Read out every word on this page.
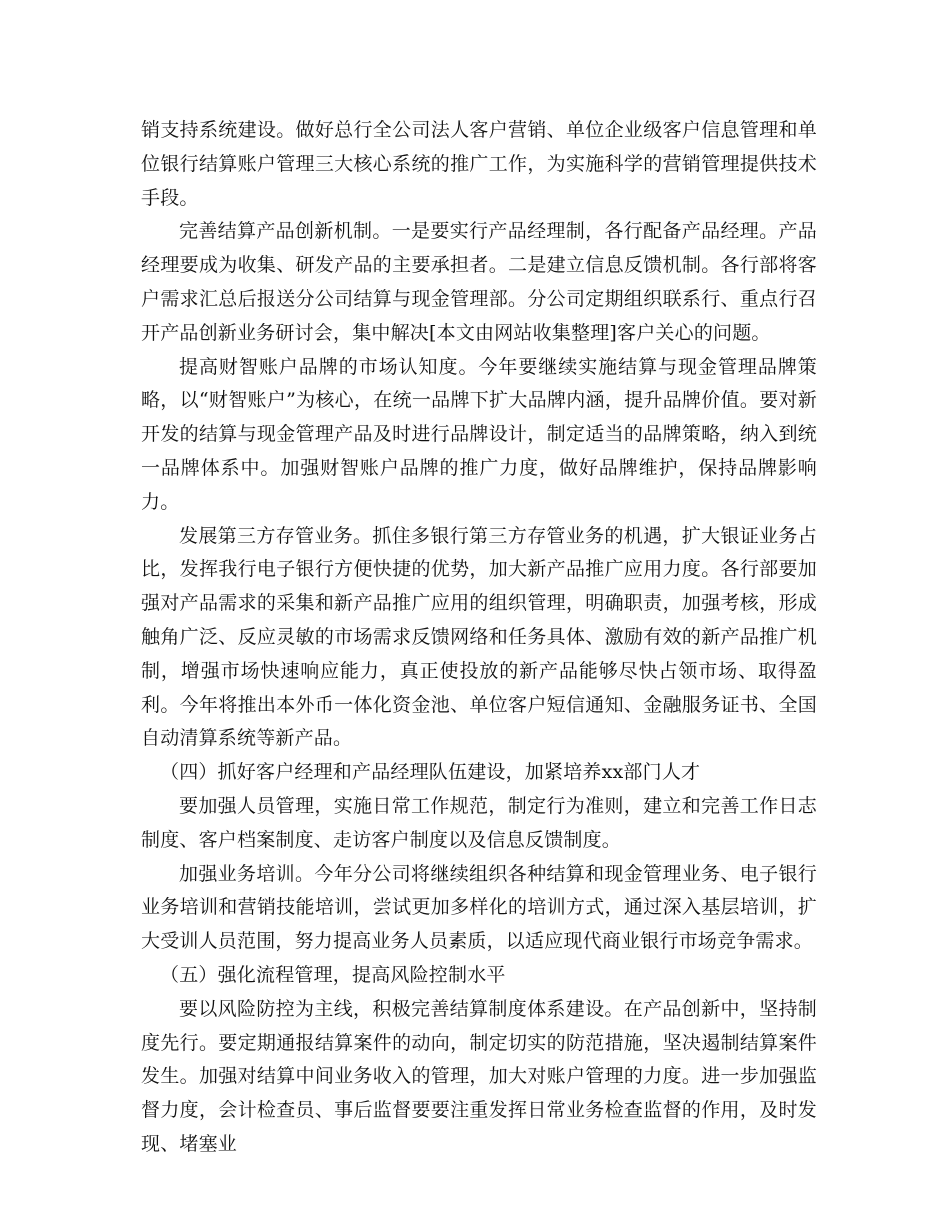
销支持系统建设。做好总行全公司法人客户营销、单位企业级客户信息管理和单位银行结算账户管理三大核心系统的推广工作，为实施科学的营销管理提供技术手段。

完善结算产品创新机制。一是要实行产品经理制，各行配备产品经理。产品经理要成为收集、研发产品的主要承担者。二是建立信息反馈机制。各行部将客户需求汇总后报送分公司结算与现金管理部。分公司定期组织联系行、重点行召开产品创新业务研讨会，集中解决[本文由网站收集整理]客户关心的问题。

提高财智账户品牌的市场认知度。今年要继续实施结算与现金管理品牌策略，以“财智账户”为核心，在统一品牌下扩大品牌内涵，提升品牌价值。要对新开发的结算与现金管理产品及时进行品牌设计，制定适当的品牌策略，纳入到统一品牌体系中。加强财智账户品牌的推广力度，做好品牌维护，保持品牌影响力。

发展第三方存管业务。抓住多银行第三方存管业务的机遇，扩大银证业务占比，发挥我行电子银行方便快捷的优势，加大新产品推广应用力度。各行部要加强对产品需求的采集和新产品推广应用的组织管理，明确职责，加强考核，形成触角广泛、反应灵敏的市场需求反馈网络和任务具体、激励有效的新产品推广机制，增强市场快速响应能力，真正使投放的新产品能够尽快占领市场、取得盈利。今年将推出本外币一体化资金池、单位客户短信通知、金融服务证书、全国自动清算系统等新产品。

（四）抓好客户经理和产品经理队伍建设，加紧培养xx部门人才

要加强人员管理，实施日常工作规范，制定行为准则，建立和完善工作日志制度、客户档案制度、走访客户制度以及信息反馈制度。

加强业务培训。今年分公司将继续组织各种结算和现金管理业务、电子银行业务培训和营销技能培训，尝试更加多样化的培训方式，通过深入基层培训，扩大受训人员范围，努力提高业务人员素质，以适应现代商业银行市场竞争需求。

（五）强化流程管理，提高风险控制水平

要以风险防控为主线，积极完善结算制度体系建设。在产品创新中，坚持制度先行。要定期通报结算案件的动向，制定切实的防范措施，坚决遏制结算案件发生。加强对结算中间业务收入的管理，加大对账户管理的力度。进一步加强监督力度，会计检查员、事后监督要要注重发挥日常业务检查监督的作用，及时发现、堵塞业
